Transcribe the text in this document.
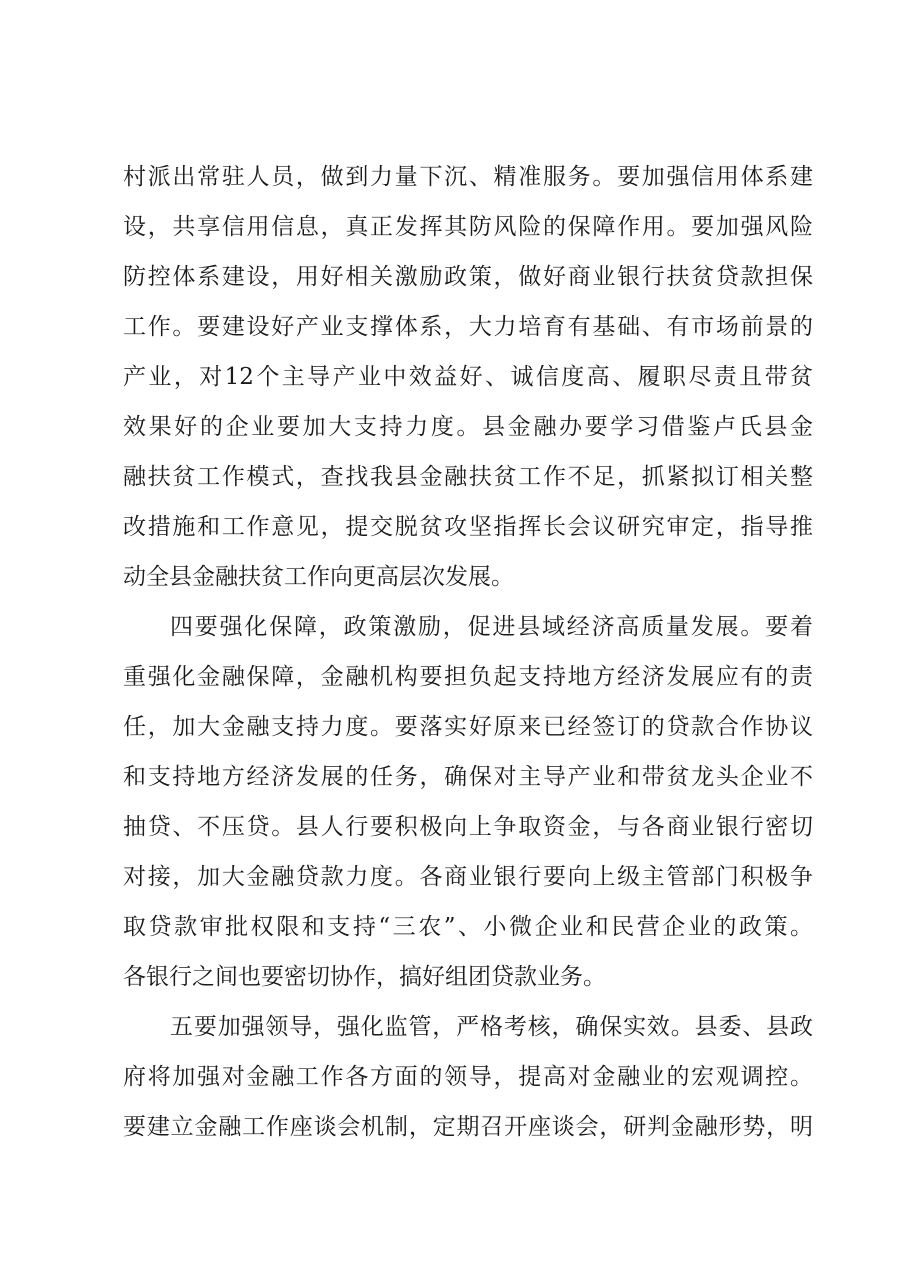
村派出常驻人员，做到力量下沉、精准服务。要加强信用体系建
设，共享信用信息，真正发挥其防风险的保障作用。要加强风险
防控体系建设，用好相关激励政策，做好商业银行扶贫贷款担保
工作。要建设好产业支撑体系，大力培育有基础、有市场前景的
产业，对12个主导产业中效益好、诚信度高、履职尽责且带贫
效果好的企业要加大支持力度。县金融办要学习借鉴卢氏县金
融扶贫工作模式，查找我县金融扶贫工作不足，抓紧拟订相关整
改措施和工作意见，提交脱贫攻坚指挥长会议研究审定，指导推
动全县金融扶贫工作向更高层次发展。
四要强化保障，政策激励，促进县域经济高质量发展。要着
重强化金融保障，金融机构要担负起支持地方经济发展应有的责
任，加大金融支持力度。要落实好原来已经签订的贷款合作协议
和支持地方经济发展的任务，确保对主导产业和带贫龙头企业不
抽贷、不压贷。县人行要积极向上争取资金，与各商业银行密切
对接，加大金融贷款力度。各商业银行要向上级主管部门积极争
取贷款审批权限和支持“三农”、小微企业和民营企业的政策。
各银行之间也要密切协作，搞好组团贷款业务。
五要加强领导，强化监管，严格考核，确保实效。县委、县政
府将加强对金融工作各方面的领导，提高对金融业的宏观调控。
要建立金融工作座谈会机制，定期召开座谈会，研判金融形势，明
